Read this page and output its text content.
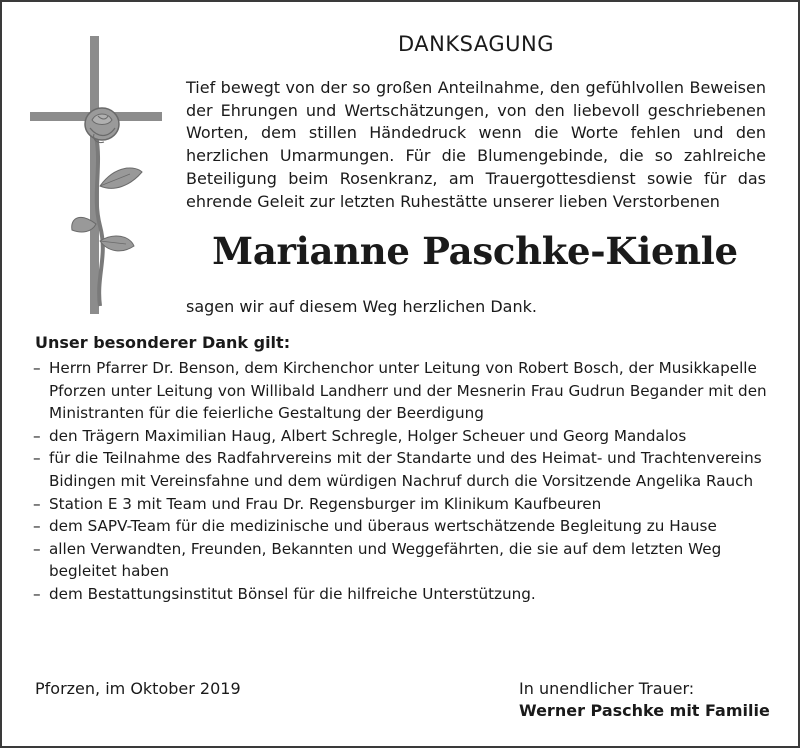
DANKSAGUNG

Tief bewegt von der so großen Anteilnahme, den gefühlvollen Beweisen der Ehrungen und Wertschätzungen, von den liebevoll geschriebenen Worten, dem stillen Händedruck wenn die Worte fehlen und den herzlichen Umarmungen. Für die Blumengebinde, die so zahlreiche Beteiligung beim Rosenkranz, am Trauergottesdienst sowie für das ehrende Geleit zur letzten Ruhestätte unserer lieben Verstorbenen

Marianne Paschke-Kienle
sagen wir auf diesem Weg herzlichen Dank.
Unser besonderer Dank gilt:
– Herrn Pfarrer Dr. Benson, dem Kirchenchor unter Leitung von Robert Bosch, der Musikkapelle Pforzen unter Leitung von Willibald Landherr und der Mesnerin Frau Gudrun Begander mit den Ministranten für die feierliche Gestaltung der Beerdigung
– den Trägern Maximilian Haug, Albert Schregle, Holger Scheuer und Georg Mandalos
– für die Teilnahme des Radfahrvereins mit der Standarte und des Heimat- und Trachtenvereins Bidingen mit Vereinsfahne und dem würdigen Nachruf durch die Vorsitzende Angelika Rauch
– Station E 3 mit Team und Frau Dr. Regensburger im Klinikum Kaufbeuren
– dem SAPV-Team für die medizinische und überaus wertschätzende Begleitung zu Hause
– allen Verwandten, Freunden, Bekannten und Weggefährten, die sie auf dem letzten Weg begleitet haben
– dem Bestattungsinstitut Bönsel für die hilfreiche Unterstützung.
Pforzen, im Oktober 2019	In unendlicher Trauer:
Werner Paschke mit Familie
